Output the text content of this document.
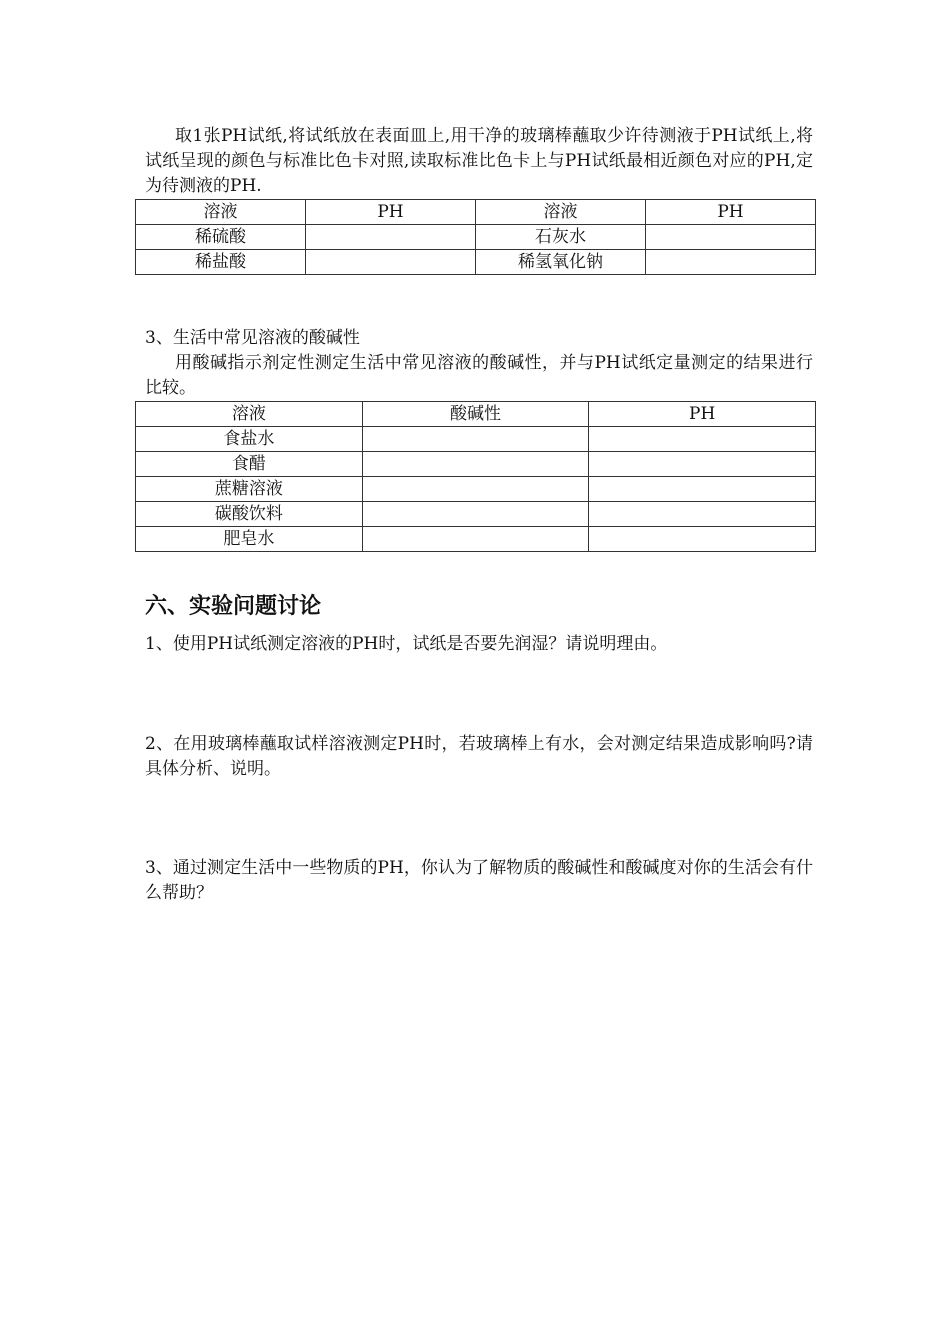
取1张PH试纸,将试纸放在表面皿上,用干净的玻璃棒蘸取少许待测液于PH试纸上,将试纸呈现的颜色与标准比色卡对照,读取标准比色卡上与PH试纸最相近颜色对应的PH,定为待测液的PH.

溶液	PH	溶液	PH
稀硫酸		石灰水	
稀盐酸		稀氢氧化钠	

3、生活中常见溶液的酸碱性

用酸碱指示剂定性测定生活中常见溶液的酸碱性，并与PH试纸定量测定的结果进行比较。

溶液	酸碱性	PH
食盐水		
食醋		
蔗糖溶液		
碳酸饮料		
肥皂水		
六、实验问题讨论

1、使用PH试纸测定溶液的PH时，试纸是否要先润湿？请说明理由。

2、在用玻璃棒蘸取试样溶液测定PH时，若玻璃棒上有水，会对测定结果造成影响吗?请具体分析、说明。

3、通过测定生活中一些物质的PH，你认为了解物质的酸碱性和酸碱度对你的生活会有什么帮助？
